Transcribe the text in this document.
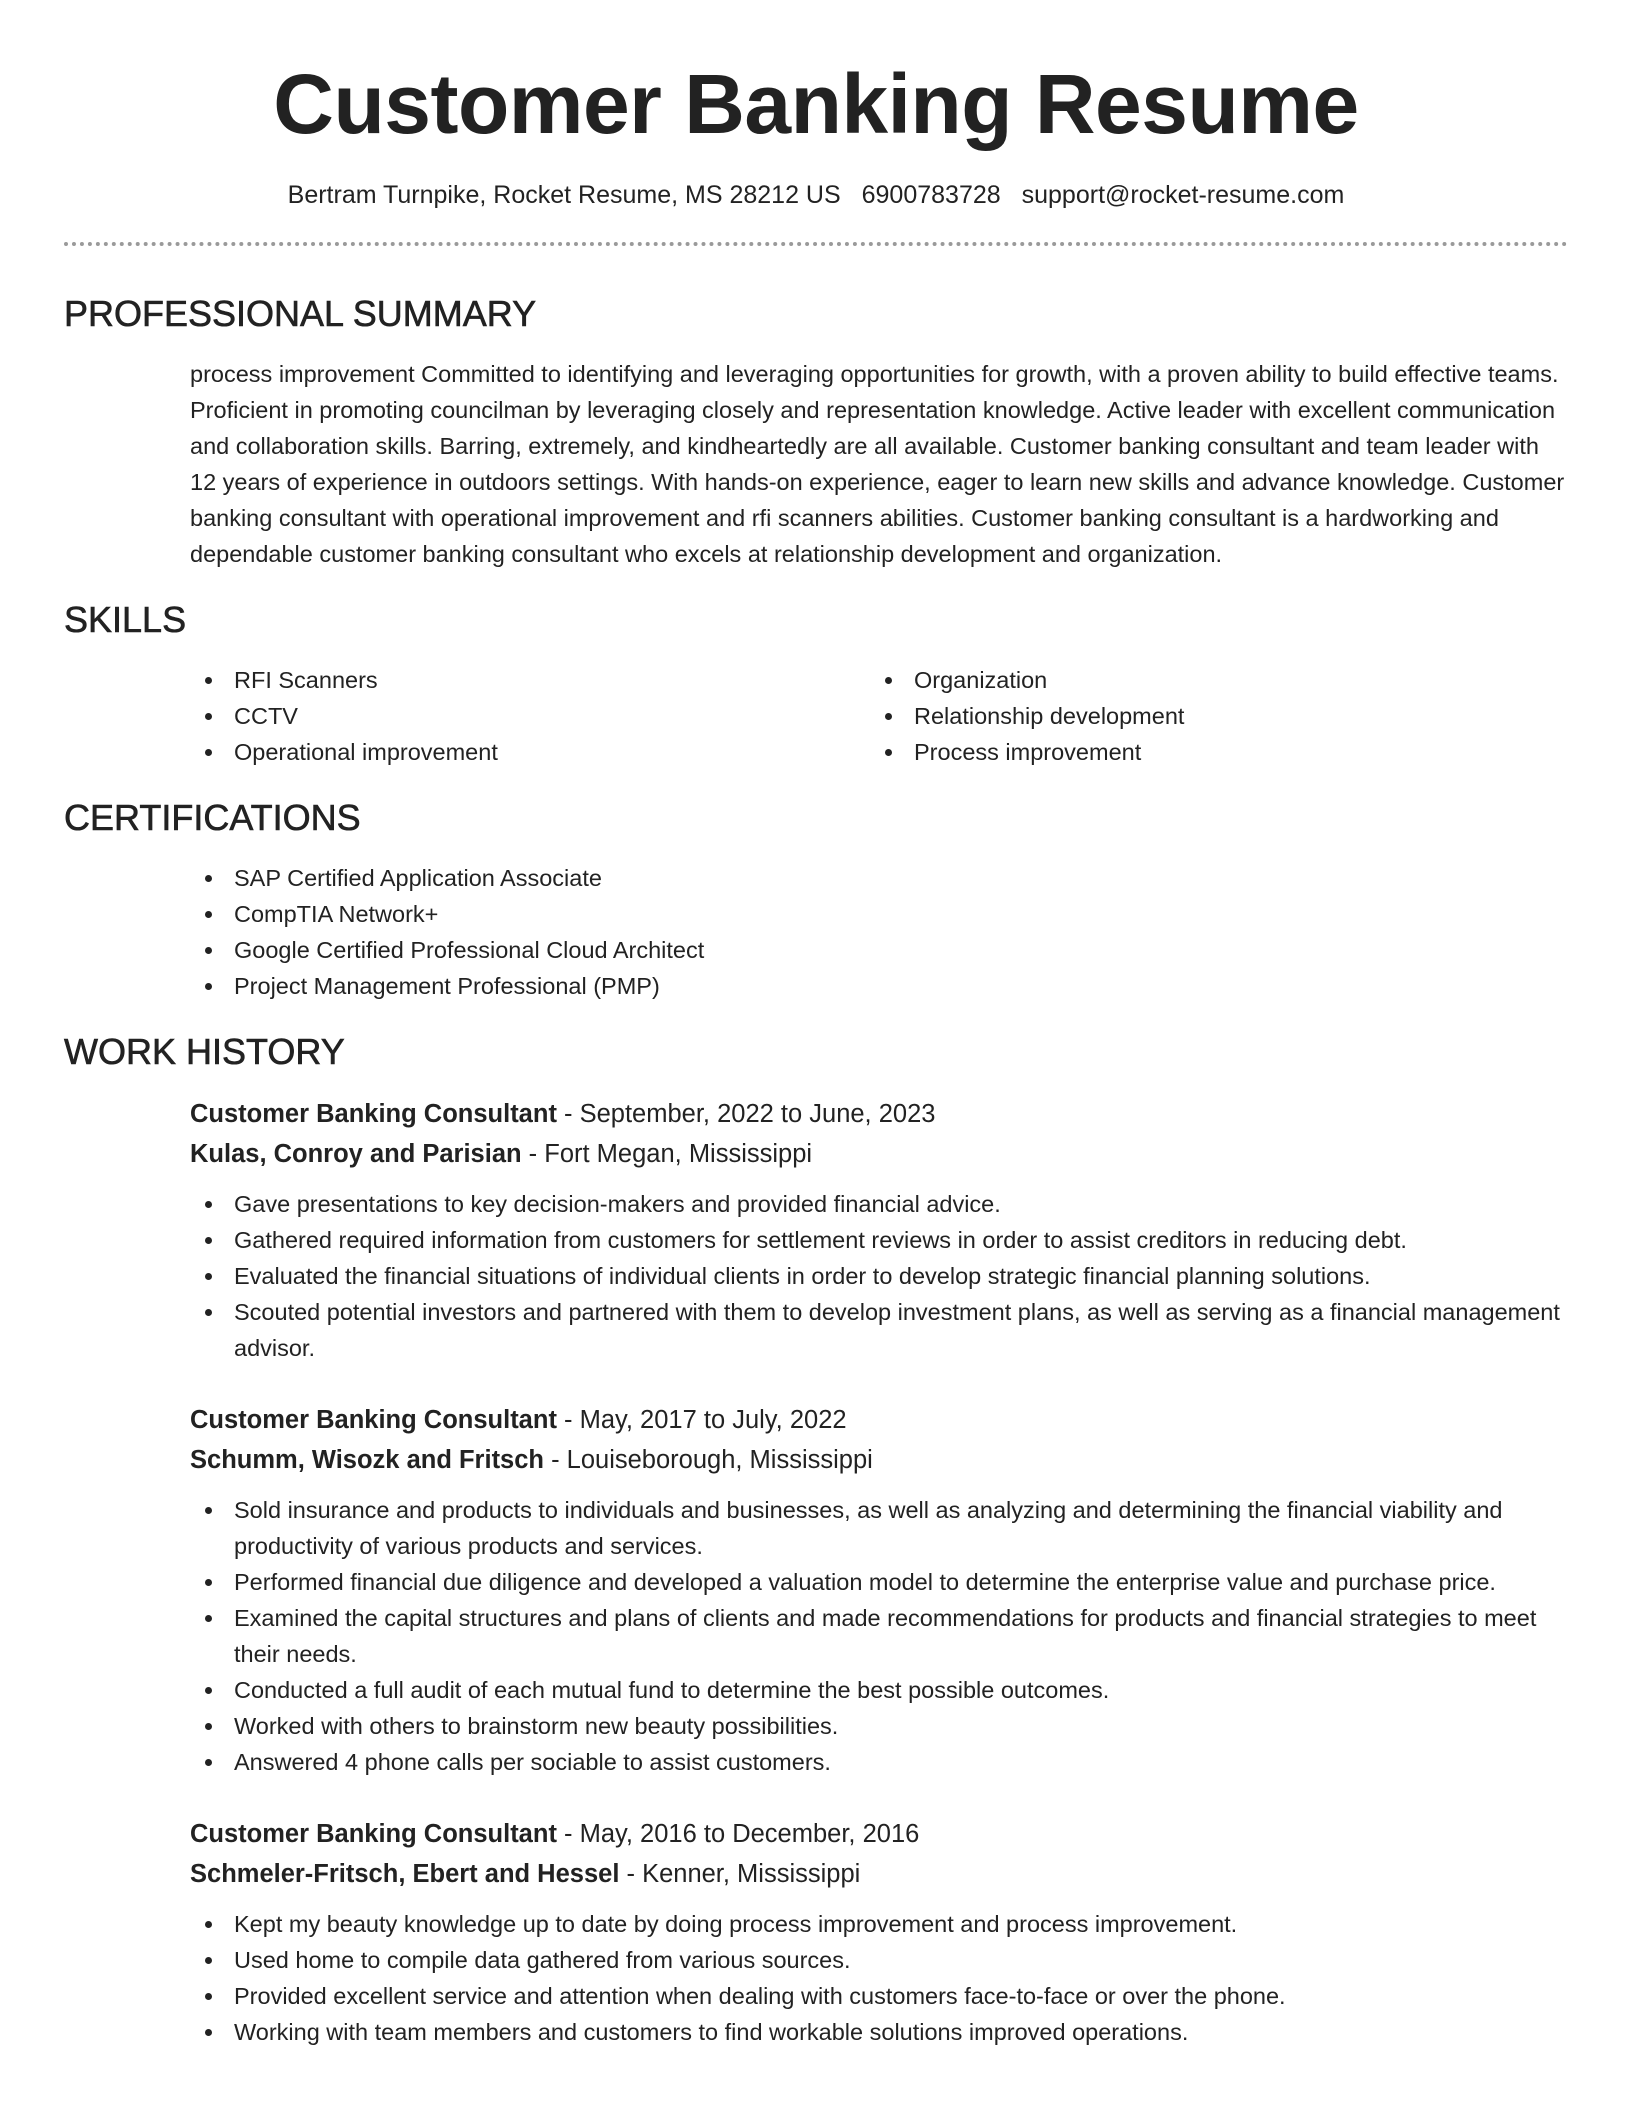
Customer Banking Resume
Bertram Turnpike, Rocket Resume, MS 28212 US 6900783728 support@rocket-resume.com
PROFESSIONAL SUMMARY

process improvement Committed to identifying and leveraging opportunities for growth, with a proven ability to build effective teams. Proficient in promoting councilman by leveraging closely and representation knowledge. Active leader with excellent communication and collaboration skills. Barring, extremely, and kindheartedly are all available. Customer banking consultant and team leader with 12 years of experience in outdoors settings. With hands-on experience, eager to learn new skills and advance knowledge. Customer banking consultant with operational improvement and rfi scanners abilities. Customer banking consultant is a hardworking and dependable customer banking consultant who excels at relationship development and organization.

SKILLS
RFI Scanners
CCTV
Operational improvement
Organization
Relationship development
Process improvement
CERTIFICATIONS
SAP Certified Application Associate
CompTIA Network+
Google Certified Professional Cloud Architect
Project Management Professional (PMP)
WORK HISTORY
Customer Banking Consultant - September, 2022 to June, 2023
Kulas, Conroy and Parisian - Fort Megan, Mississippi
Gave presentations to key decision-makers and provided financial advice.
Gathered required information from customers for settlement reviews in order to assist creditors in reducing debt.
Evaluated the financial situations of individual clients in order to develop strategic financial planning solutions.
Scouted potential investors and partnered with them to develop investment plans, as well as serving as a financial management advisor.
Customer Banking Consultant - May, 2017 to July, 2022
Schumm, Wisozk and Fritsch - Louiseborough, Mississippi
Sold insurance and products to individuals and businesses, as well as analyzing and determining the financial viability and productivity of various products and services.
Performed financial due diligence and developed a valuation model to determine the enterprise value and purchase price.
Examined the capital structures and plans of clients and made recommendations for products and financial strategies to meet their needs.
Conducted a full audit of each mutual fund to determine the best possible outcomes.
Worked with others to brainstorm new beauty possibilities.
Answered 4 phone calls per sociable to assist customers.
Customer Banking Consultant - May, 2016 to December, 2016
Schmeler-Fritsch, Ebert and Hessel - Kenner, Mississippi
Kept my beauty knowledge up to date by doing process improvement and process improvement.
Used home to compile data gathered from various sources.
Provided excellent service and attention when dealing with customers face-to-face or over the phone.
Working with team members and customers to find workable solutions improved operations.
